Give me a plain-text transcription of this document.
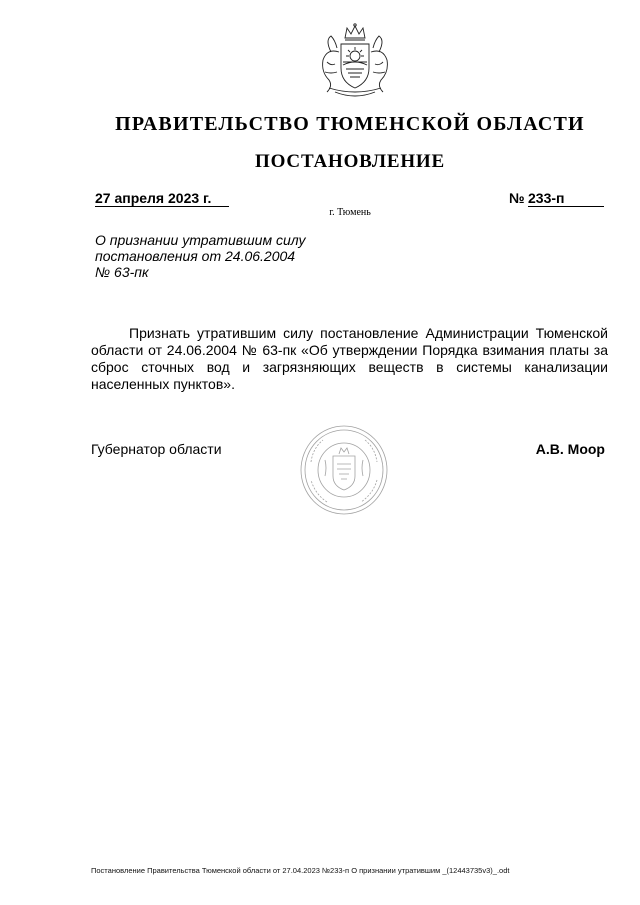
ПРАВИТЕЛЬСТВО ТЮМЕНСКОЙ ОБЛАСТИ
ПОСТАНОВЛЕНИЕ
27 апреля 2023 г.	№ 233-п
г. Тюмень
О признании утратившим силу
постановления от 24.06.2004
№ 63-пк
Признать утратившим силу постановление Администрации Тюменской области от 24.06.2004 № 63-пк «Об утверждении Порядка взимания платы за сброс сточных вод и загрязняющих веществ в системы канализации населенных пунктов».
Губернатор области	А.В. Моор
Постановление Правительства Тюменской области от 27.04.2023 №233-п О признании утратившим _(12443735v3)_.odt
